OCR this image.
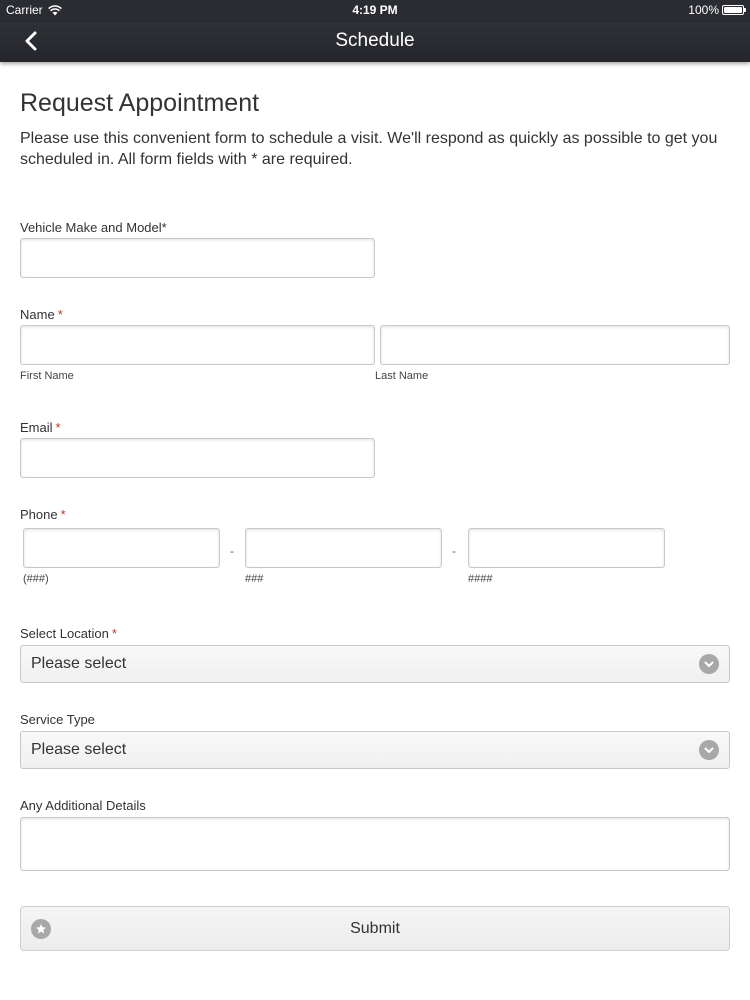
Carrier	4:19 PM	100%
Schedule
Request Appointment
Please use this convenient form to schedule a visit. We'll respond as quickly as possible to get you scheduled in. All form fields with * are required.
Vehicle Make and Model*
Name *
First Name	Last Name
Email *
Phone *
-	-
(###)	###	####
Select Location *
Please select
Service Type
Please select
Any Additional Details
Submit
